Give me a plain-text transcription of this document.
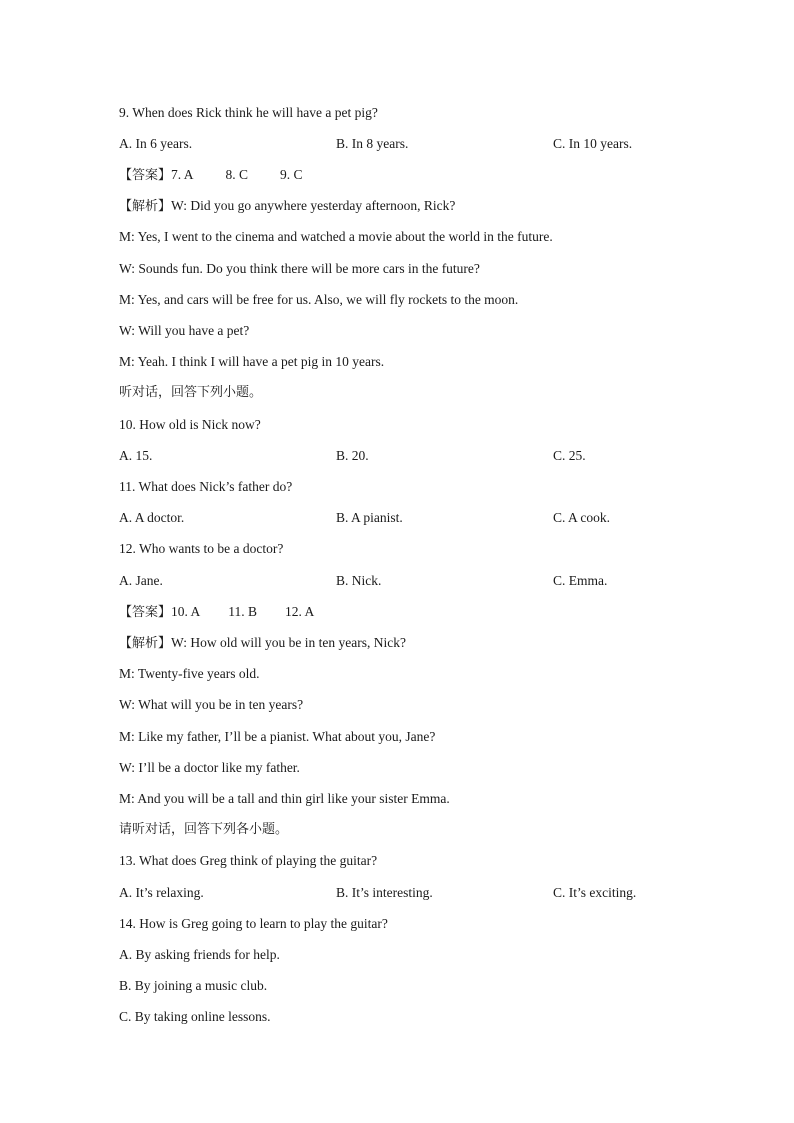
9. When does Rick think he will have a pet pig?
A. In 6 years.	B. In 8 years.	C. In 10 years.
【答案】7. A 8. C 9. C
【解析】W: Did you go anywhere yesterday afternoon, Rick?
M: Yes, I went to the cinema and watched a movie about the world in the future.
W: Sounds fun. Do you think there will be more cars in the future?
M: Yes, and cars will be free for us. Also, we will fly rockets to the moon.
W: Will you have a pet?
M: Yeah. I think I will have a pet pig in 10 years.
听对话，回答下列小题。
10. How old is Nick now?
A. 15.	B. 20.	C. 25.
11. What does Nick’s father do?
A. A doctor.	B. A pianist.	C. A cook.
12. Who wants to be a doctor?
A. Jane.	B. Nick.	C. Emma.
【答案】10. A 11. B 12. A
【解析】W: How old will you be in ten years, Nick?
M: Twenty-five years old.
W: What will you be in ten years?
M: Like my father, I’ll be a pianist. What about you, Jane?
W: I’ll be a doctor like my father.
M: And you will be a tall and thin girl like your sister Emma.
请听对话，回答下列各小题。
13. What does Greg think of playing the guitar?
A. It’s relaxing.	B. It’s interesting.	C. It’s exciting.
14. How is Greg going to learn to play the guitar?
A. By asking friends for help.
B. By joining a music club.
C. By taking online lessons.
